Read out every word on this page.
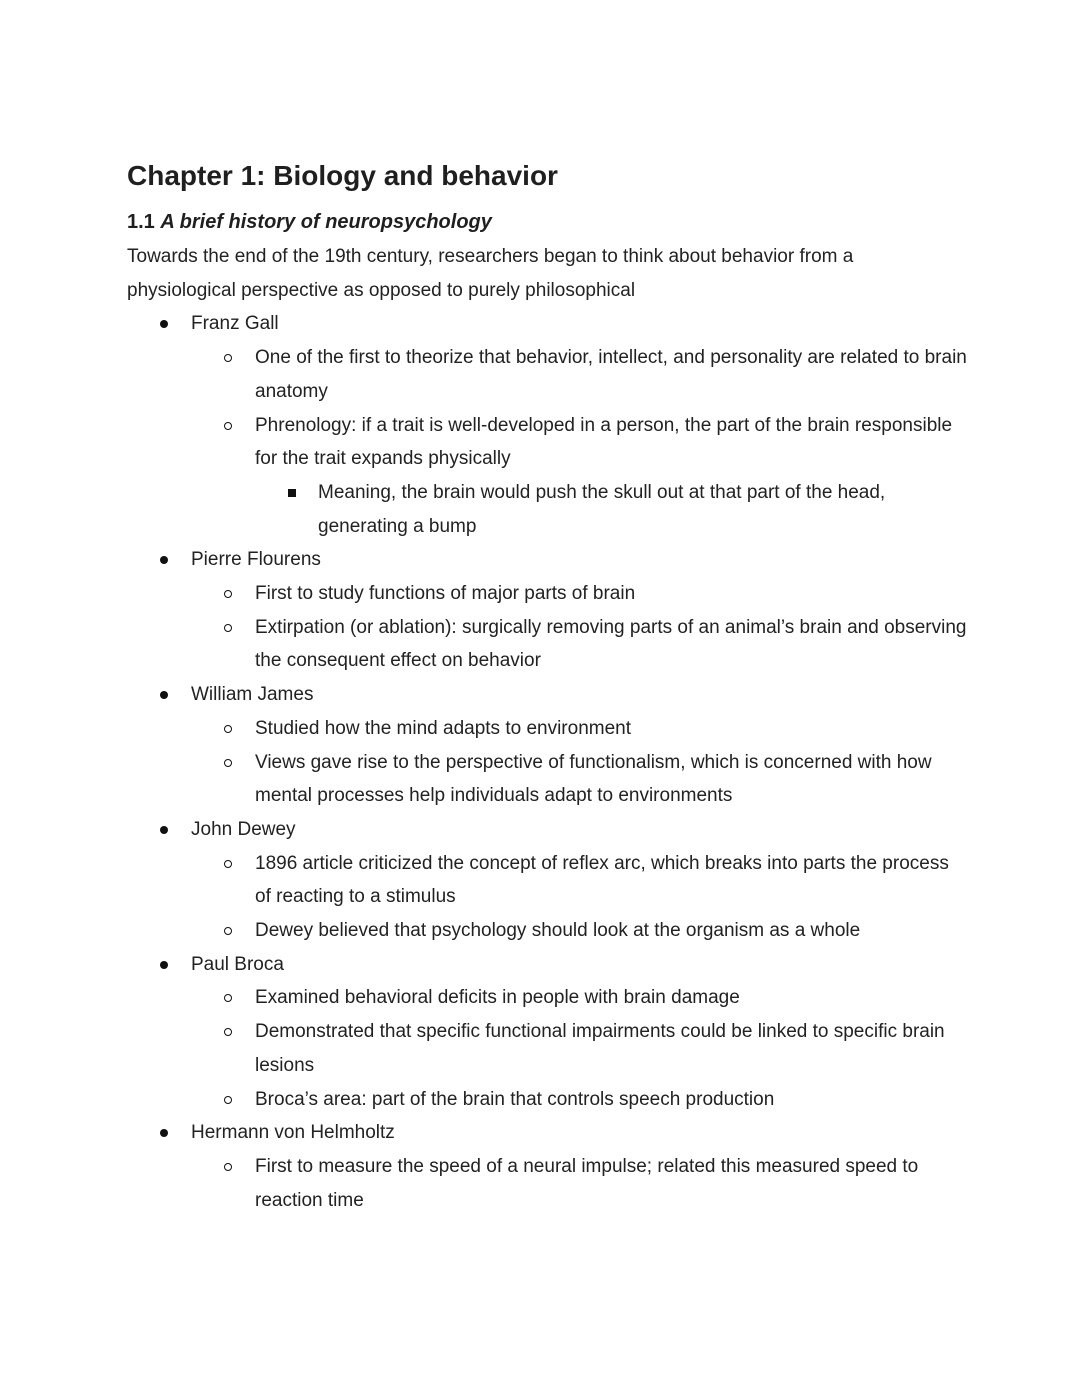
Chapter 1: Biology and behavior
1.1 A brief history of neuropsychology

Towards the end of the 19th century, researchers began to think about behavior from a physiological perspective as opposed to purely philosophical

Franz Gall
One of the first to theorize that behavior, intellect, and personality are related to brain anatomy
Phrenology: if a trait is well-developed in a person, the part of the brain responsible for the trait expands physically
Meaning, the brain would push the skull out at that part of the head, generating a bump
Pierre Flourens
First to study functions of major parts of brain
Extirpation (or ablation): surgically removing parts of an animal’s brain and observing the consequent effect on behavior
William James
Studied how the mind adapts to environment
Views gave rise to the perspective of functionalism, which is concerned with how mental processes help individuals adapt to environments
John Dewey
1896 article criticized the concept of reflex arc, which breaks into parts the process of reacting to a stimulus
Dewey believed that psychology should look at the organism as a whole
Paul Broca
Examined behavioral deficits in people with brain damage
Demonstrated that specific functional impairments could be linked to specific brain lesions
Broca’s area: part of the brain that controls speech production
Hermann von Helmholtz
First to measure the speed of a neural impulse; related this measured speed to reaction time
